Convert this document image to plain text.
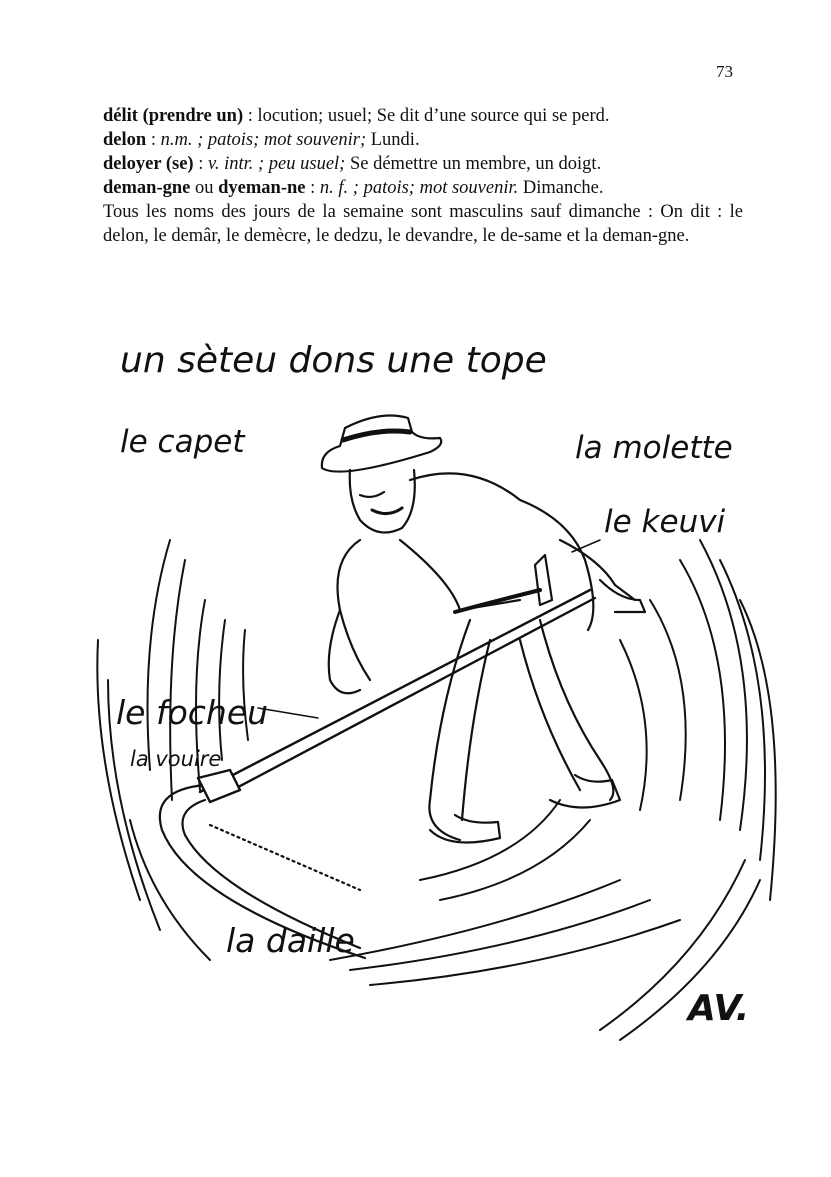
73

délit (prendre un) : locution; usuel; Se dit d’une source qui se perd.

delon : n.m. ; patois; mot souvenir; Lundi.

deloyer (se) : v. intr. ; peu usuel; Se démettre un membre, un doigt.

deman-gne ou dyeman-ne : n. f. ; patois; mot souvenir. Dimanche.

Tous les noms des jours de la semaine sont masculins sauf dimanche : On dit : le delon, le demâr, le demècre, le dedzu, le devandre, le de-same et la deman-gne.

un sèteu dons une tope
le capet	la molette
le keuvi
le focheu
la vouire
la daille
AV.
